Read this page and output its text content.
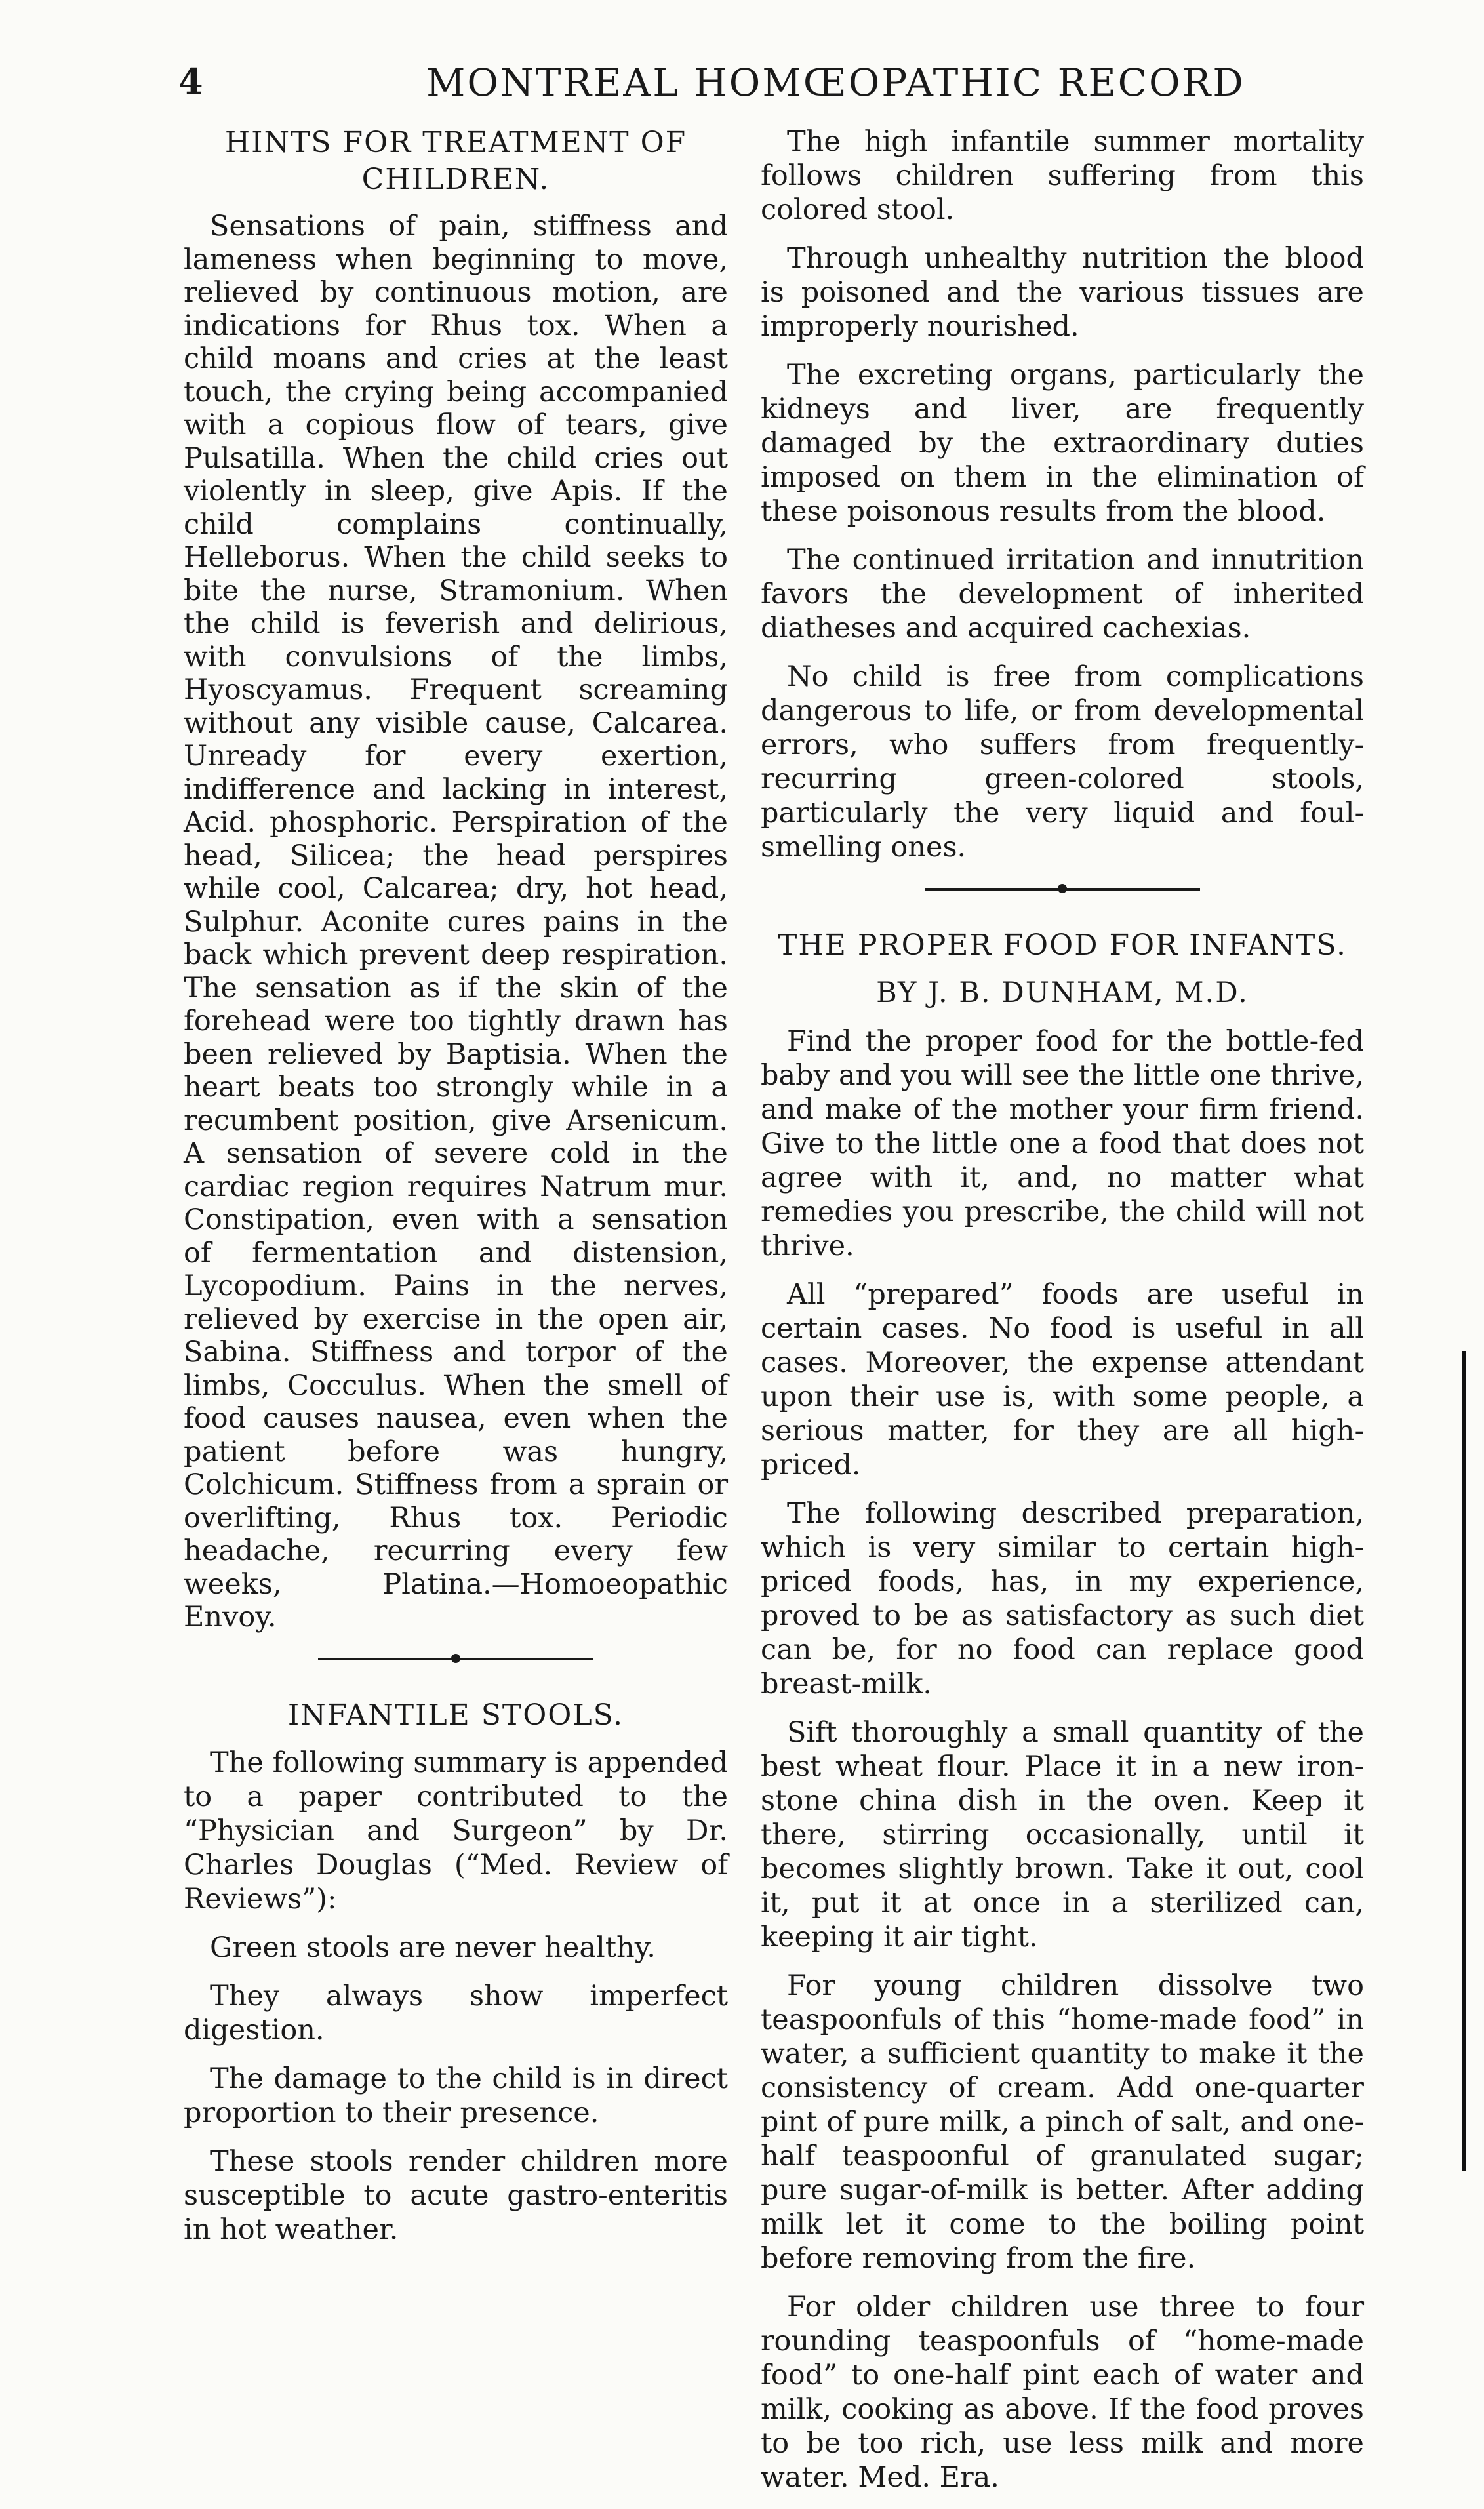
4	MONTREAL HOMŒOPATHIC RECORD
HINTS FOR TREATMENT OF CHILDREN.

Sensations of pain, stiffness and lameness when beginning to move, relieved by continuous motion, are indications for Rhus tox. When a child moans and cries at the least touch, the crying being accompanied with a copious flow of tears, give Pulsatilla. When the child cries out violently in sleep, give Apis. If the child complains continually, Helleborus. When the child seeks to bite the nurse, Stramonium. When the child is feverish and delirious, with convulsions of the limbs, Hyoscyamus. Frequent screaming without any visible cause, Calcarea. Unready for every exertion, indifference and lacking in interest, Acid. phosphoric. Perspiration of the head, Silicea; the head perspires while cool, Calcarea; dry, hot head, Sulphur. Aconite cures pains in the back which prevent deep respiration. The sensation as if the skin of the forehead were too tightly drawn has been relieved by Baptisia. When the heart beats too strongly while in a recumbent position, give Arsenicum. A sensation of severe cold in the cardiac region requires Natrum mur. Constipation, even with a sensation of fermentation and distension, Lycopodium. Pains in the nerves, relieved by exercise in the open air, Sabina. Stiffness and torpor of the limbs, Cocculus. When the smell of food causes nausea, even when the patient before was hungry, Colchicum. Stiffness from a sprain or overlifting, Rhus tox. Periodic headache, recurring every few weeks, Platina.—Homoeopathic Envoy.

INFANTILE STOOLS.

The following summary is appended to a paper contributed to the “Physician and Surgeon” by Dr. Charles Douglas (“Med. Review of Reviews”):

Green stools are never healthy.

They always show imperfect digestion.

The damage to the child is in direct proportion to their presence.

These stools render children more susceptible to acute gastro-enteritis in hot weather.

The high infantile summer mortality follows children suffering from this colored stool.

Through unhealthy nutrition the blood is poisoned and the various tissues are improperly nourished.

The excreting organs, particularly the kidneys and liver, are frequently damaged by the extraordinary duties imposed on them in the elimination of these poisonous results from the blood.

The continued irritation and innutrition favors the development of inherited diatheses and acquired cachexias.

No child is free from complications dangerous to life, or from developmental errors, who suffers from frequently-recurring green-colored stools, particularly the very liquid and foul-smelling ones.

THE PROPER FOOD FOR INFANTS.
BY J. B. DUNHAM, M.D.

Find the proper food for the bottle-fed baby and you will see the little one thrive, and make of the mother your firm friend. Give to the little one a food that does not agree with it, and, no matter what remedies you prescribe, the child will not thrive.

All “prepared” foods are useful in certain cases. No food is useful in all cases. Moreover, the expense attendant upon their use is, with some people, a serious matter, for they are all high-priced.

The following described preparation, which is very similar to certain high-priced foods, has, in my experience, proved to be as satisfactory as such diet can be, for no food can replace good breast-milk.

Sift thoroughly a small quantity of the best wheat flour. Place it in a new iron-stone china dish in the oven. Keep it there, stirring occasionally, until it becomes slightly brown. Take it out, cool it, put it at once in a sterilized can, keeping it air tight.

For young children dissolve two teaspoonfuls of this “home-made food” in water, a sufficient quantity to make it the consistency of cream. Add one-quarter pint of pure milk, a pinch of salt, and one-half teaspoonful of granulated sugar; pure sugar-of-milk is better. After adding milk let it come to the boiling point before removing from the fire.

For older children use three to four rounding teaspoonfuls of “home-made food” to one-half pint each of water and milk, cooking as above. If the food proves to be too rich, use less milk and more water. Med. Era.
